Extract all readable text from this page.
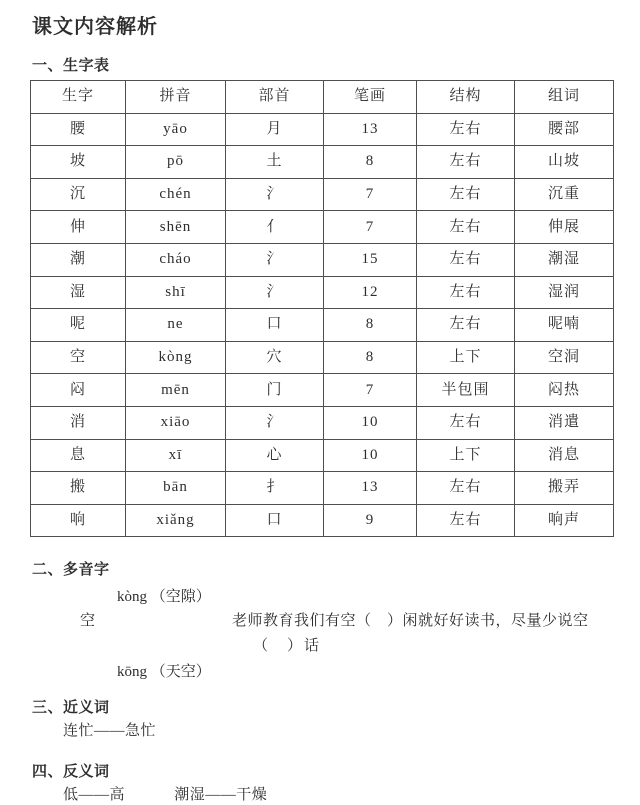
课文内容解析
一、生字表
生字	拼音	部首	笔画	结构	组词
腰	yāo	月	13	左右	腰部
坡	pō	土	8	左右	山坡
沉	chén	氵	7	左右	沉重
伸	shēn	亻	7	左右	伸展
潮	cháo	氵	15	左右	潮湿
湿	shī	氵	12	左右	湿润
呢	ne	口	8	左右	呢喃
空	kòng	穴	8	上下	空洞
闷	mēn	门	7	半包围	闷热
消	xiāo	氵	10	左右	消遣
息	xī	心	10	上下	消息
搬	bān	扌	13	左右	搬弄
响	xiǎng	口	9	左右	响声
二、多音字
kòng （空隙）
空	老师教育我们有空（　）闲就好好读书，尽量少说空
（　）话
kōng （天空）
三、近义词
连忙——急忙
四、反义词
低——高	潮湿——干燥
